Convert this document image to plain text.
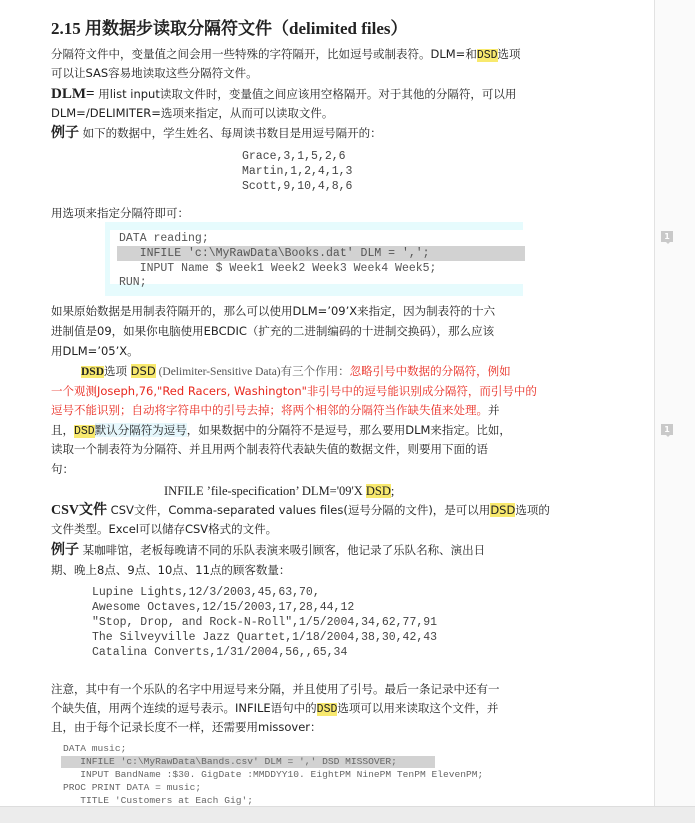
2.15 用数据步读取分隔符文件（delimited files）
分隔符文件中，变量值之间会用一些特殊的字符隔开，比如逗号或制表符。DLM=和DSD选项
可以让SAS容易地读取这些分隔符文件。
DLM= 用list input读取文件时，变量值之间应该用空格隔开。对于其他的分隔符，可以用
DLM=/DELIMITER=选项来指定，从而可以读取文件。
例子 如下的数据中，学生姓名、每周读书数目是用逗号隔开的：
Grace,3,1,5,2,6
Martin,1,2,4,1,3
Scott,9,10,4,8,6
用选项来指定分隔符即可：
DATA reading;
INFILE 'c:\MyRawData\Books.dat' DLM = ',';
INPUT Name $ Week1 Week2 Week3 Week4 Week5;
RUN;
如果原始数据是用制表符隔开的，那么可以使用DLM=’09’X来指定，因为制表符的十六
进制值是09，如果你电脑使用EBCDIC（扩充的二进制编码的十进制交换码），那么应该
用DLM=’05’X。
DSD选项 DSD (Delimiter-Sensitive Data)有三个作用：忽略引号中数据的分隔符，例如
一个观测Joseph,76,"Red Racers, Washington"非引号中的逗号能识别成分隔符，而引号中的
逗号不能识别；自动将字符串中的引号去掉；将两个相邻的分隔符当作缺失值来处理。并
且，DSD默认分隔符为逗号，如果数据中的分隔符不是逗号，那么要用DLM来指定。比如，
读取一个制表符为分隔符、并且用两个制表符代表缺失值的数据文件，则要用下面的语
句：
INFILE ’file-specification’ DLM='09'X DSD;
CSV文件 CSV文件，Comma-separated values files(逗号分隔的文件)，是可以用DSD选项的
文件类型。Excel可以储存CSV格式的文件。
例子 某咖啡馆，老板每晚请不同的乐队表演来吸引顾客，他记录了乐队名称、演出日
期、晚上8点、9点、10点、11点的顾客数量：
Lupine Lights,12/3/2003,45,63,70,
Awesome Octaves,12/15/2003,17,28,44,12
"Stop, Drop, and Rock-N-Roll",1/5/2004,34,62,77,91
The Silveyville Jazz Quartet,1/18/2004,38,30,42,43
Catalina Converts,1/31/2004,56,,65,34
注意，其中有一个乐队的名字中用逗号来分隔，并且使用了引号。最后一条记录中还有一
个缺失值，用两个连续的逗号表示。INFILE语句中的DSD选项可以用来读取这个文件，并
且，由于每个记录长度不一样，还需要用missover：
DATA music;
INFILE 'c:\MyRawData\Bands.csv' DLM = ',' DSD MISSOVER;
INPUT BandName :$30. GigDate :MMDDYY10. EightPM NinePM TenPM ElevenPM;
PROC PRINT DATA = music;
TITLE 'Customers at Each Gig';
1
1
